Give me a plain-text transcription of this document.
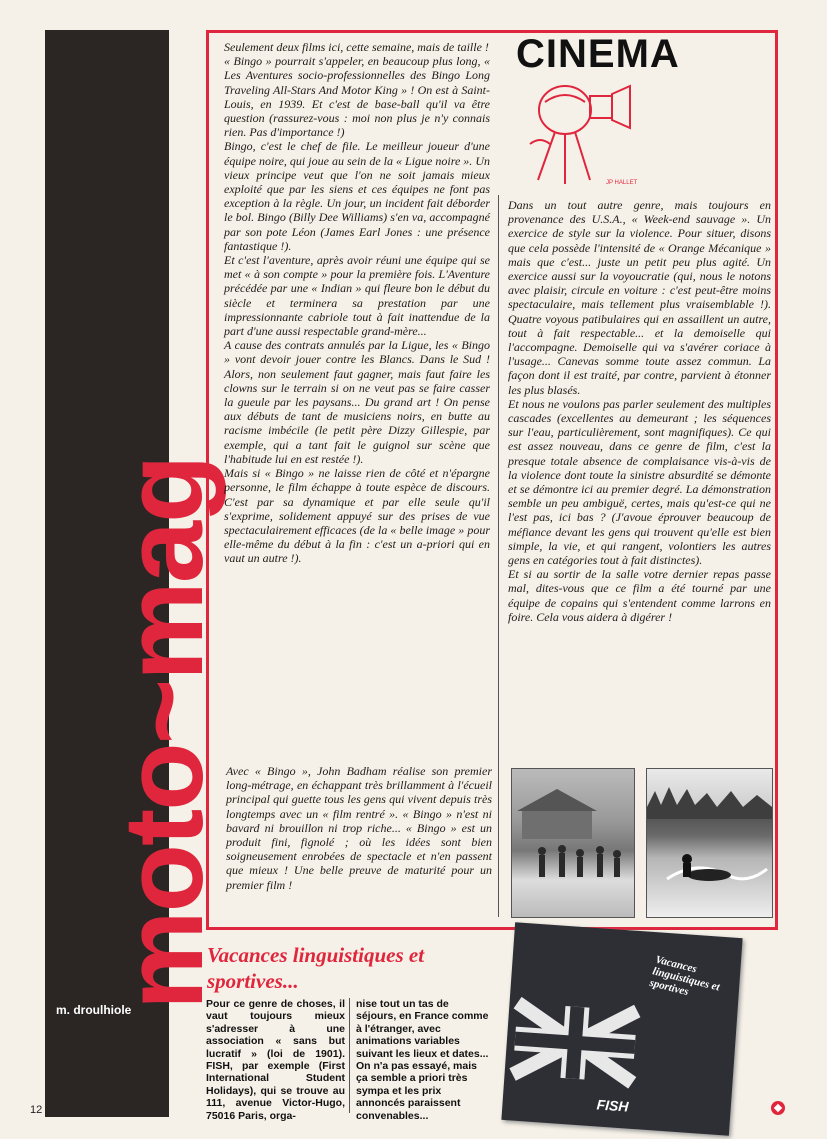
moto~mag
m. droulhiole
12
CINEMA
JP HALLET

Seulement deux films ici, cette semaine, mais de taille !

« Bingo » pourrait s'appeler, en beaucoup plus long, « Les Aventures socio-professionnelles des Bingo Long Traveling All-Stars And Motor King » ! On est à Saint-Louis, en 1939. Et c'est de base-ball qu'il va être question (rassurez-vous : moi non plus je n'y connais rien. Pas d'importance !)

Bingo, c'est le chef de file. Le meilleur joueur d'une équipe noire, qui joue au sein de la « Ligue noire ». Un vieux principe veut que l'on ne soit jamais mieux exploité que par les siens et ces équipes ne font pas exception à la règle. Un jour, un incident fait déborder le bol. Bingo (Billy Dee Williams) s'en va, accompagné par son pote Léon (James Earl Jones : une présence fantastique !).

Et c'est l'aventure, après avoir réuni une équipe qui se met « à son compte » pour la première fois. L'Aventure précédée par une « Indian » qui fleure bon le début du siècle et terminera sa prestation par une impressionnante cabriole tout à fait inattendue de la part d'une aussi respectable grand-mère...

A cause des contrats annulés par la Ligue, les « Bingo » vont devoir jouer contre les Blancs. Dans le Sud ! Alors, non seulement faut gagner, mais faut faire les clowns sur le terrain si on ne veut pas se faire casser la gueule par les paysans... Du grand art ! On pense aux débuts de tant de musiciens noirs, en butte au racisme imbécile (le petit père Dizzy Gillespie, par exemple, qui a tant fait le guignol sur scène que l'habitude lui en est restée !).

Mais si « Bingo » ne laisse rien de côté et n'épargne personne, le film échappe à toute espèce de discours. C'est par sa dynamique et par elle seule qu'il s'exprime, solidement appuyé sur des prises de vue spectaculairement efficaces (de la « belle image » pour elle-même du début à la fin : c'est un a-priori qui en vaut un autre !).

Avec « Bingo », John Badham réalise son premier long-métrage, en échappant très brillamment à l'écueil principal qui guette tous les gens qui vivent depuis très longtemps avec un « film rentré ». « Bingo » n'est ni bavard ni brouillon ni trop riche... « Bingo » est un produit fini, fignolé ; où les idées sont bien soigneusement enrobées de spectacle et n'en passent que mieux ! Une belle preuve de maturité pour un premier film !

Dans un tout autre genre, mais toujours en provenance des U.S.A., « Week-end sauvage ». Un exercice de style sur la violence. Pour situer, disons que cela possède l'intensité de « Orange Mécanique » mais que c'est... juste un petit peu plus agité. Un exercice aussi sur la voyoucratie (qui, nous le notons avec plaisir, circule en voiture : c'est peut-être moins spectaculaire, mais tellement plus vraisemblable !). Quatre voyous patibulaires qui en assaillent un autre, tout à fait respectable... et la demoiselle qui l'accompagne. Demoiselle qui va s'avérer coriace à l'usage... Canevas somme toute assez commun. La façon dont il est traité, par contre, parvient à étonner les plus blasés.

Et nous ne voulons pas parler seulement des multiples cascades (excellentes au demeurant ; les séquences sur l'eau, particulièrement, sont magnifiques). Ce qui est assez nouveau, dans ce genre de film, c'est la presque totale absence de complaisance vis-à-vis de la violence dont toute la sinistre absurdité se démonte et se démontre ici au premier degré. La démonstration semble un peu ambiguë, certes, mais qu'est-ce qui ne l'est pas, ici bas ? (J'avoue éprouver beaucoup de méfiance devant les gens qui trouvent qu'elle est bien simple, la vie, et qui rangent, volontiers les autres gens en catégories tout à fait distinctes).

Et si au sortir de la salle votre dernier repas passe mal, dites-vous que ce film a été tourné par une équipe de copains qui s'entendent comme larrons en foire. Cela vous aidera à digérer !

Vacances linguistiques et sportives...

Pour ce genre de choses, il vaut toujours mieux s'adresser à une association « sans but lucratif » (loi de 1901). FISH, par exemple (First International Student Holidays), qui se trouve au 111, avenue Victor-Hugo, 75016 Paris, orga-

nise tout un tas de séjours, en France comme à l'étranger, avec animations variables suivant les lieux et dates...

On n'a pas essayé, mais ça semble a priori très sympa et les prix annoncés paraissent convenables...

Vacances linguistiques et sportives
FISH
